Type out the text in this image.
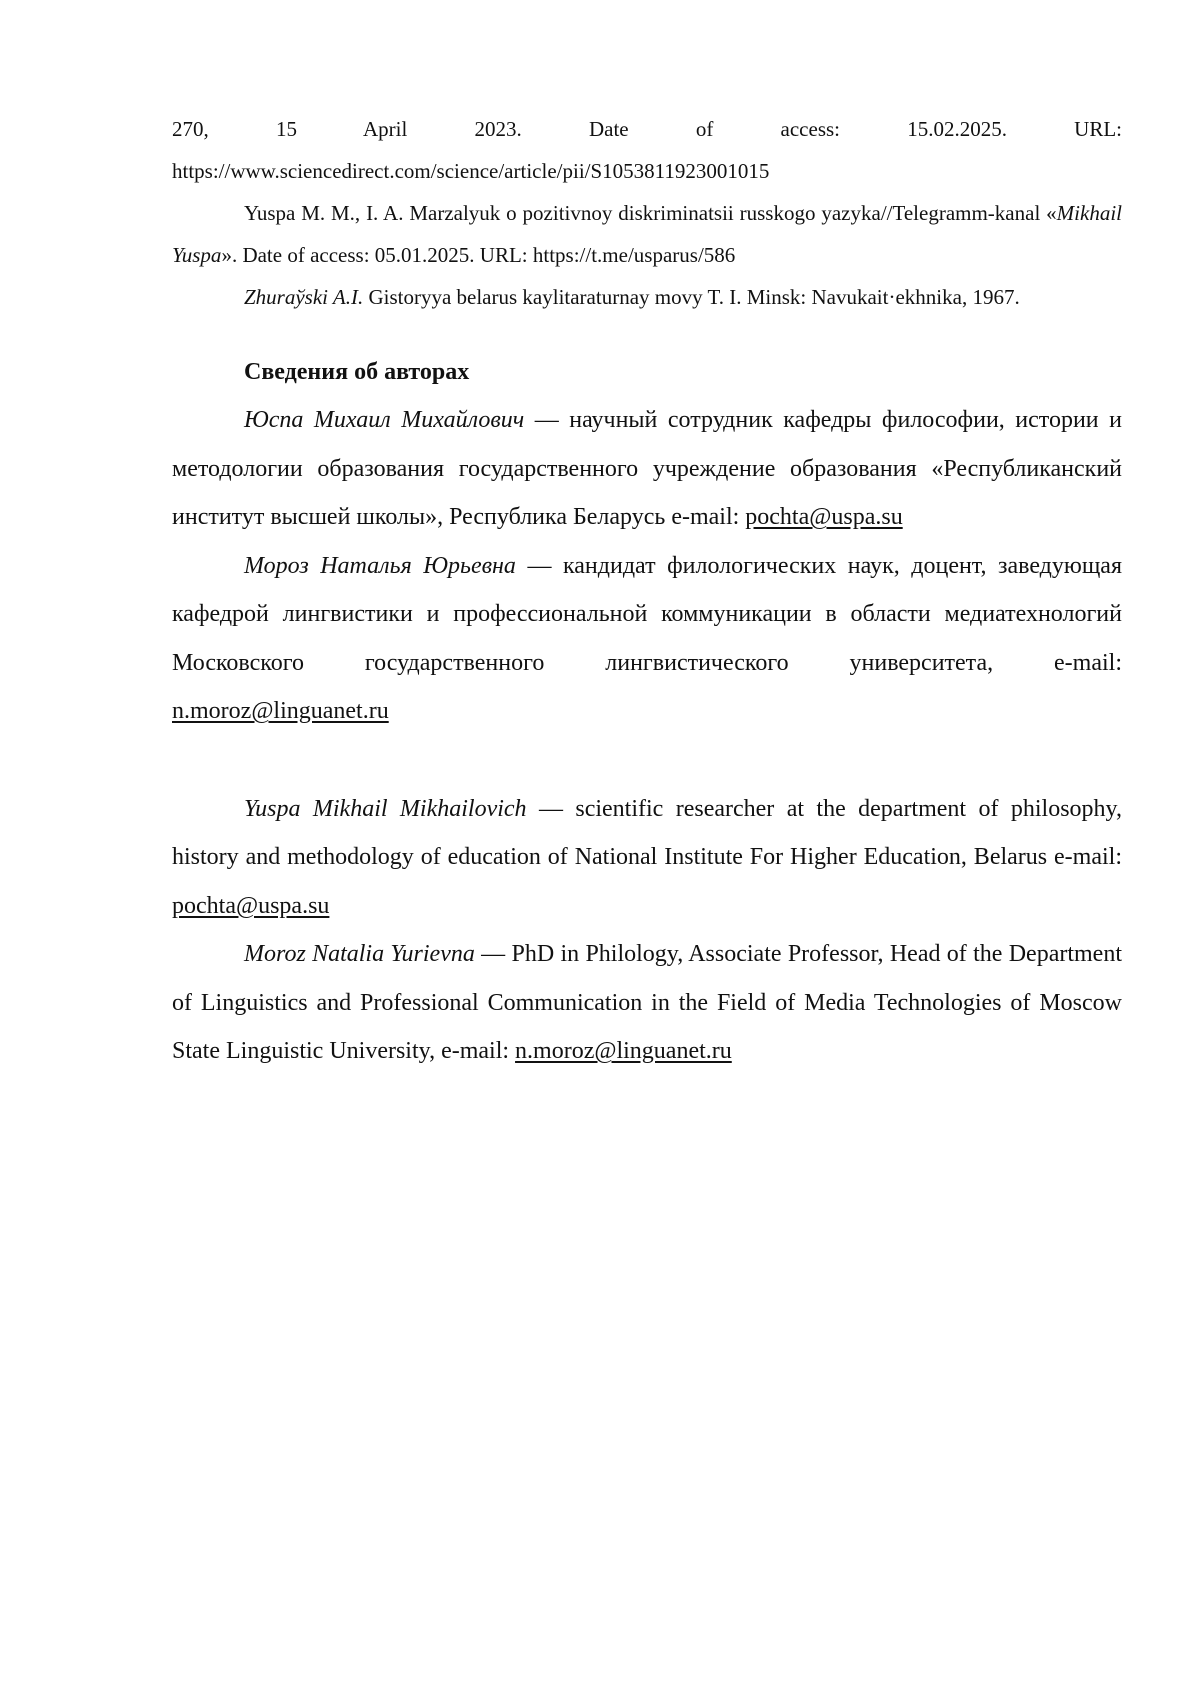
270, 15 April 2023. Date of access: 15.02.2025. URL:

https://www.sciencedirect.com/science/article/pii/S1053811923001015

Yuspa M. M., I. A. Marzalyuk o pozitivnoy diskriminatsii russkogo yazyka//Telegramm-kanal «Mikhail Yuspa». Date of access: 05.01.2025. URL: https://t.me/usparus/586

Zhuraўski A.I. Gistoryya belarus kaylitaraturnay movy T. I. Minsk: Navukait·ekhnika, 1967.

Сведения об авторах

Юспа Михаил Михайлович — научный сотрудник кафедры философии, истории и методологии образования государственного учреждение образования «Республиканский институт высшей школы», Республика Беларусь e-mail: pochta@uspa.su

Мороз Наталья Юрьевна — кандидат филологических наук, доцент, заведующая кафедрой лингвистики и профессиональной коммуникации в области медиатехнологий Московского государственного лингвистического университета, e-mail: n.moroz@linguanet.ru

Yuspa Mikhail Mikhailovich — scientific researcher at the department of philosophy, history and methodology of education of National Institute For Higher Education, Belarus e-mail: pochta@uspa.su

Moroz Natalia Yurievna — PhD in Philology, Associate Professor, Head of the Department of Linguistics and Professional Communication in the Field of Media Technologies of Moscow State Linguistic University, e-mail: n.moroz@linguanet.ru
